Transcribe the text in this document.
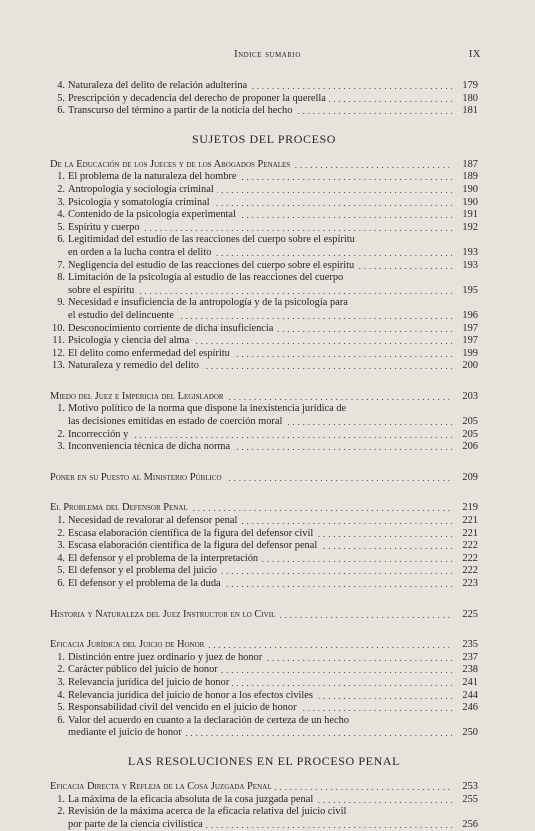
Indice sumario	IX
4. Naturaleza del delito de relación adulterina . . .	179
5. Prescripción y decadencia del derecho de proponer la querella . . .	180
6. Transcurso del término a partir de la noticia del hecho . . .	181
SUJETOS DEL PROCESO
De la Educación de los Jueces y de los Abogados Penales . . .	187
1. El problema de la naturaleza del hombre . . .	189
2. Antropología y sociología criminal . . .	190
3. Psicología y somatología criminal . . .	190
4. Contenido de la psicología experimental . . .	191
5. Espíritu y cuerpo . . .	192
6. Legitimidad del estudio de las reacciones del cuerpo sobre el espíritu
en orden a la lucha contra el delito . . .	193
7. Negligencia del estudio de las reacciones del cuerpo sobre el espíritu . . .	193
8. Limitación de la psicología al estudio de las reacciones del cuerpo
sobre el espíritu . . .	195
9. Necesidad e insuficiencia de la antropología y de la psicología para
el estudio del delincuente . . .	196
10. Desconocimiento corriente de dicha insuficiencia . . .	197
11. Psicología y ciencia del alma . . .	197
12. El delito como enfermedad del espíritu . . .	199
13. Naturaleza y remedio del delito . . .	200
Miedo del Juez e Impericia del Legislador . . .	203
1. Motivo político de la norma que dispone la inexistencia jurídica de
las decisiones emitidas en estado de coerción moral . . .	205
2. Incorrección y . . .	205
3. Inconveniencia técnica de dicha norma . . .	206
Poner en su Puesto al Ministerio Público . . .	209
El Problema del Defensor Penal . . .	219
1. Necesidad de revalorar al defensor penal . . .	221
2. Escasa elaboración científica de la figura del defensor civil . . .	221
3. Escasa elaboración científica de la figura del defensor penal . . .	222
4. El defensor y el problema de la interpretación . . .	222
5. El defensor y el problema del juicio . . .	222
6. El defensor y el problema de la duda . . .	223
Historia y Naturaleza del Juez Instructor en lo Civil . . .	225
Eficacia Jurídica del Juicio de Honor . . .	235
1. Distinción entre juez ordinario y juez de honor . . .	237
2. Carácter público del juicio de honor . . .	238
3. Relevancia jurídica del juicio de honor . . .	241
4. Relevancia jurídica del juicio de honor a los efectos civiles . . .	244
5. Responsabilidad civil del vencido en el juicio de honor . . .	246
6. Valor del acuerdo en cuanto a la declaración de certeza de un hecho
mediante el juicio de honor . . .	250
LAS RESOLUCIONES EN EL PROCESO PENAL
Eficacia Directa y Refleja de la Cosa Juzgada Penal . . .	253
1. La máxima de la eficacia absoluta de la cosa juzgada penal . . .	255
2. Revisión de la máxima acerca de la eficacia relativa del juicio civil
por parte de la ciencia civilística . . .	256
